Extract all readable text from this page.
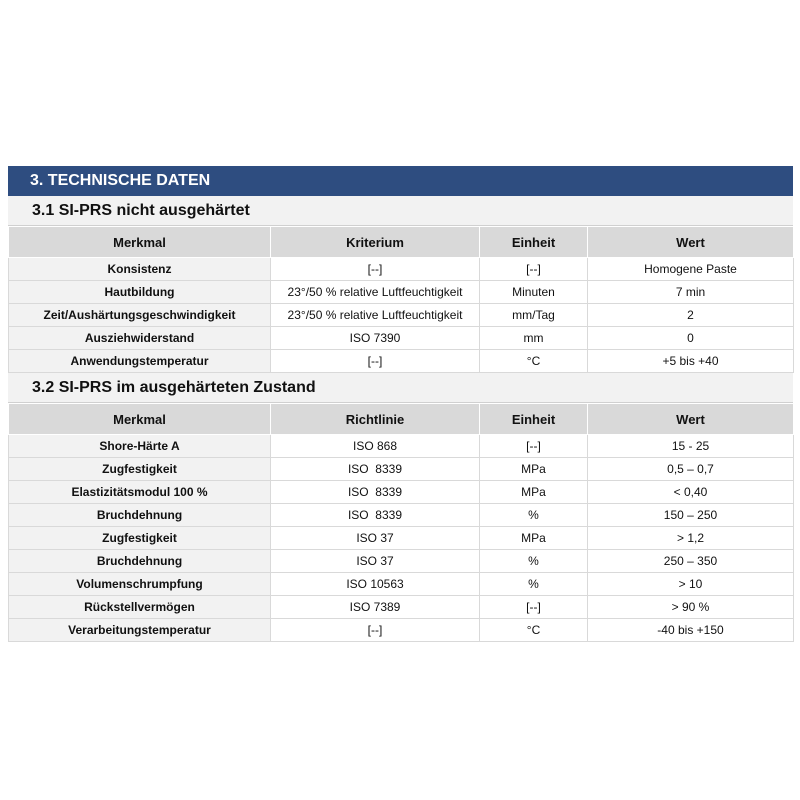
3. TECHNISCHE DATEN
3.1 SI-PRS nicht ausgehärtet
Merkmal	Kriterium	Einheit	Wert
Konsistenz	[--]	[--]	Homogene Paste
Hautbildung	23°/50 % relative Luftfeuchtigkeit	Minuten	7 min
Zeit/Aushärtungsgeschwindigkeit	23°/50 % relative Luftfeuchtigkeit	mm/Tag	2
Ausziehwiderstand	ISO 7390	mm	0
Anwendungstemperatur	[--]	°C	+5 bis +40
3.2 SI-PRS im ausgehärteten Zustand
Merkmal	Richtlinie	Einheit	Wert
Shore-Härte A	ISO 868	[--]	15 - 25
Zugfestigkeit	ISO  8339	MPa	0,5 – 0,7
Elastizitätsmodul 100 %	ISO  8339	MPa	< 0,40
Bruchdehnung	ISO  8339	%	150 – 250
Zugfestigkeit	ISO 37	MPa	> 1,2
Bruchdehnung	ISO 37	%	250 – 350
Volumenschrumpfung	ISO 10563	%	> 10
Rückstellvermögen	ISO 7389	[--]	> 90 %
Verarbeitungstemperatur	[--]	°C	-40 bis +150
